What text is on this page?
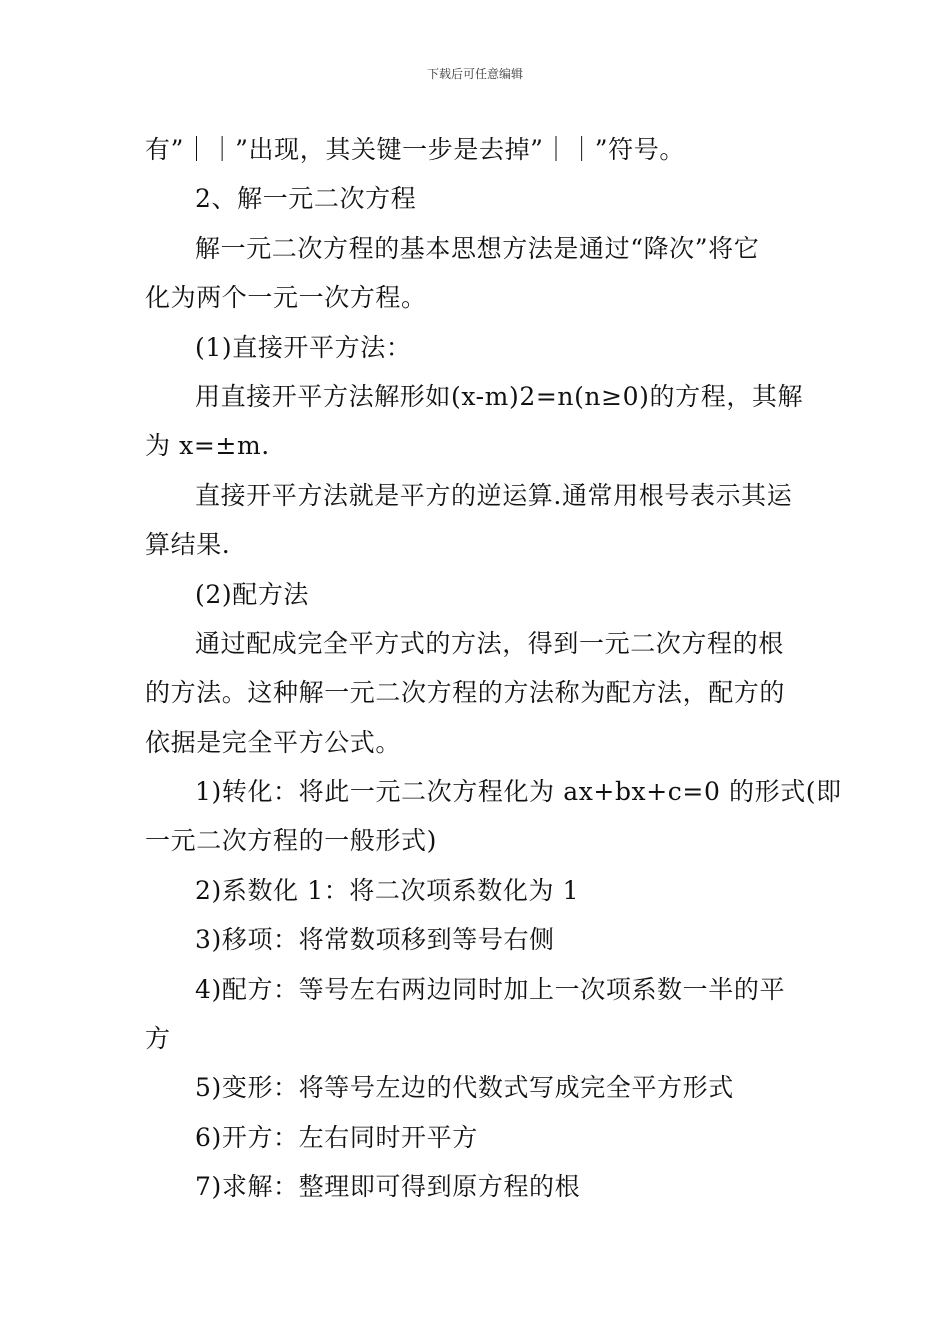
下载后可任意编辑
有”｜｜”出现，其关键一步是去掉”｜｜”符号。
2、解一元二次方程
解一元二次方程的基本思想方法是通过“降次”将它
化为两个一元一次方程。
(1)直接开平方法：
用直接开平方法解形如(x-m)2=n(n≥0)的方程，其解
为 x=±m.
直接开平方法就是平方的逆运算.通常用根号表示其运
算结果.
(2)配方法
通过配成完全平方式的方法，得到一元二次方程的根
的方法。这种解一元二次方程的方法称为配方法，配方的
依据是完全平方公式。
1)转化：将此一元二次方程化为 ax+bx+c=0 的形式(即
一元二次方程的一般形式)
2)系数化 1：将二次项系数化为 1
3)移项：将常数项移到等号右侧
4)配方：等号左右两边同时加上一次项系数一半的平
方
5)变形：将等号左边的代数式写成完全平方形式
6)开方：左右同时开平方
7)求解：整理即可得到原方程的根
